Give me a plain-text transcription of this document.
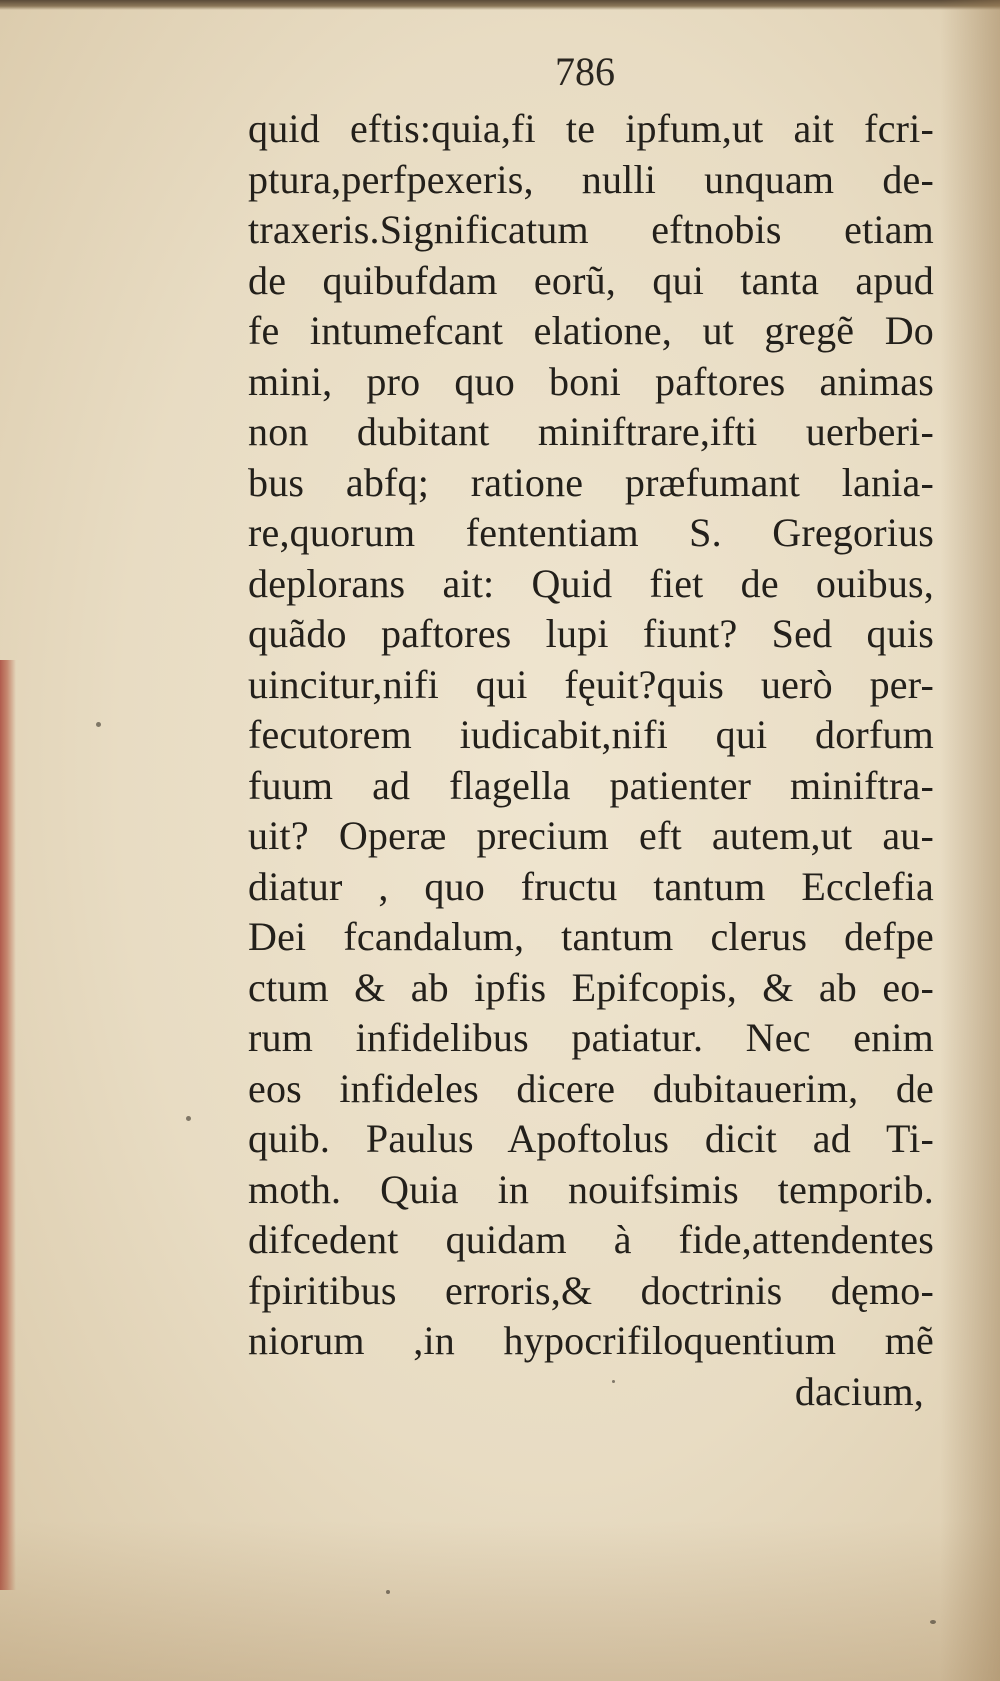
786
quid eftis:quia,fi te ipfum,ut ait fcri-
ptura,perfpexeris, nulli unquam de-
traxeris.Significatum eftnobis etiam
de quibufdam eorũ, qui tanta apud
fe intumefcant elatione, ut gregẽ Do
mini, pro quo boni paftores animas
non dubitant miniftrare,ifti uerberi-
bus abfq; ratione præfumant lania-
re,quorum fententiam S. Gregorius
deplorans ait: Quid fiet de ouibus,
quãdo paftores lupi fiunt? Sed quis
uincitur,nifi qui fęuit?quis uerò per-
fecutorem iudicabit,nifi qui dorfum
fuum ad flagella patienter miniftra-
uit? Operæ precium eft autem,ut au-
diatur , quo fructu tantum Ecclefia
Dei fcandalum, tantum clerus defpe
ctum & ab ipfis Epifcopis, & ab eo-
rum infidelibus patiatur. Nec enim
eos infideles dicere dubitauerim, de
quib. Paulus Apoftolus dicit ad Ti-
moth. Quia in nouifsimis temporib.
difcedent quidam à fide,attendentes
fpiritibus erroris,& doctrinis dęmo-
niorum ,in hypocrifiloquentium mẽ
dacium,
